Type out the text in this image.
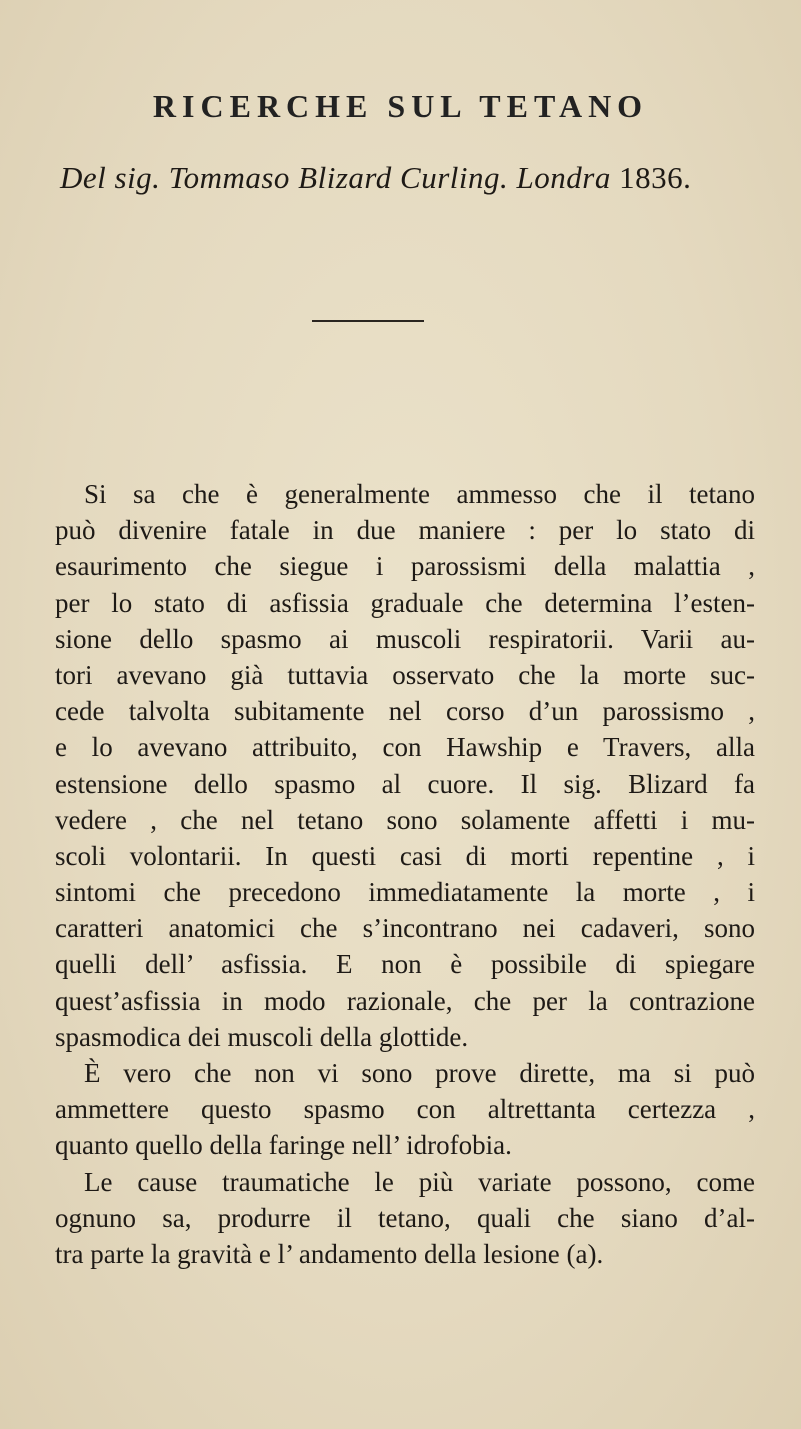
RICERCHE SUL TETANO
Del sig. Tommaso Blizard Curling. Londra 1836.
Si sa che è generalmente ammesso che il tetano
può divenire fatale in due maniere : per lo stato di
esaurimento che siegue i parossismi della malattia ,
per lo stato di asfissia graduale che determina l’esten-
sione dello spasmo ai muscoli respiratorii. Varii au-
tori avevano già tuttavia osservato che la morte suc-
cede talvolta subitamente nel corso d’un parossismo ,
e lo avevano attribuito, con Hawship e Travers, alla
estensione dello spasmo al cuore. Il sig. Blizard fa
vedere , che nel tetano sono solamente affetti i mu-
scoli volontarii. In questi casi di morti repentine , i
sintomi che precedono immediatamente la morte , i
caratteri anatomici che s’incontrano nei cadaveri, sono
quelli dell’ asfissia. E non è possibile di spiegare
quest’asfissia in modo razionale, che per la contrazione
spasmodica dei muscoli della glottide.
È vero che non vi sono prove dirette, ma si può
ammettere questo spasmo con altrettanta certezza ,
quanto quello della faringe nell’ idrofobia.
Le cause traumatiche le più variate possono, come
ognuno sa, produrre il tetano, quali che siano d’al-
tra parte la gravità e l’ andamento della lesione (a).
